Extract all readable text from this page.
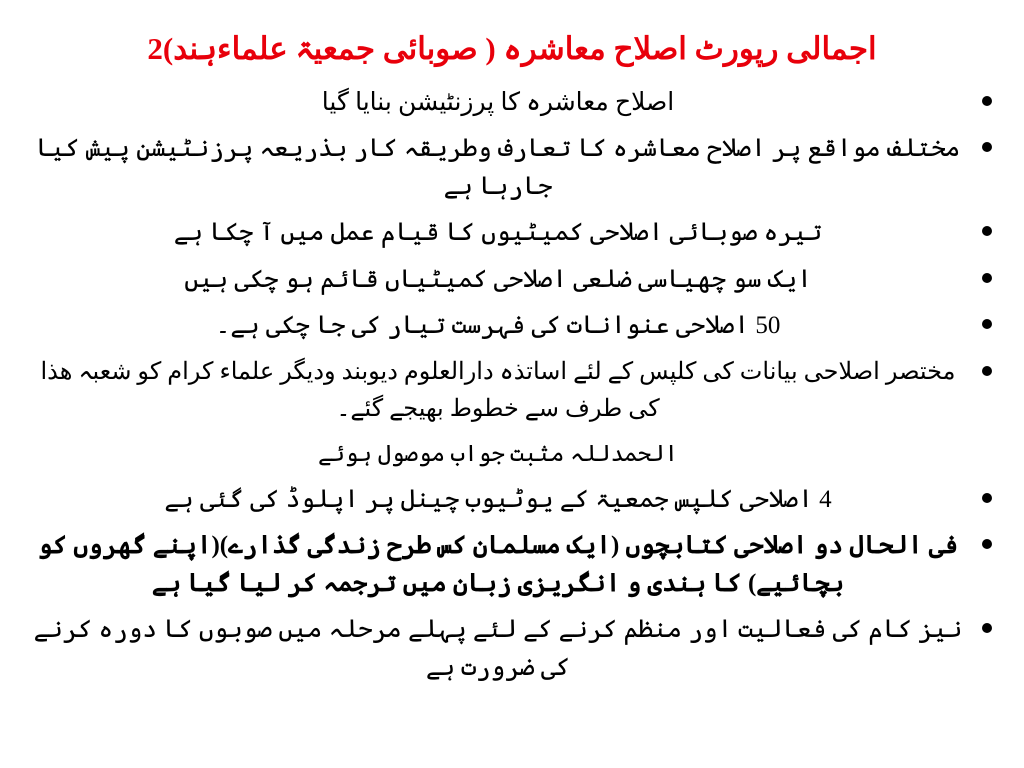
اجمالی رپورٹ اصلاح معاشرہ ( صوبائی جمعیۃ علماءہند)2
اصلاح معاشرہ کا پرزنٹیشن بنایا گیا
مختلف مواقع پر اصلاح معاشرہ کا تعارف وطریقہ کار بذریعہ پرزنٹیشن پیش کیا جارہا ہے
تیرہ صوبائی اصلاحی کمیٹیوں کا قیام عمل میں آ چکا ہے
ایک سو چھیاسی ضلعی اصلاحی کمیٹیاں قائم ہو چکی ہیں
50 اصلاحی عنوانات کی فہرست تیار کی جا چکی ہے۔
مختصر اصلاحی بیانات کی کلپس کے لئے اساتذہ دارالعلوم دیوبند ودیگر علماء کرام کو شعبہ ھذا کی طرف سے خطوط بھیجے گئے۔
الحمدللہ مثبت جواب موصول ہوئے
4 اصلاحی کلپس جمعیۃ کے یوٹیوب چینل پر اپلوڈ کی گئی ہے
فی الحال دو اصلاحی کتابچوں (ایک مسلمان کس طرح زندگی گذارے)(اپنے گھروں کو بچائیے) کا ہندی و انگریزی زبان میں ترجمہ کر لیا گیا ہے
نیز کام کی فعالیت اور منظم کرنے کے لئے پہلے مرحلہ میں صوبوں کا دورہ کرنے کی ضرورت ہے
